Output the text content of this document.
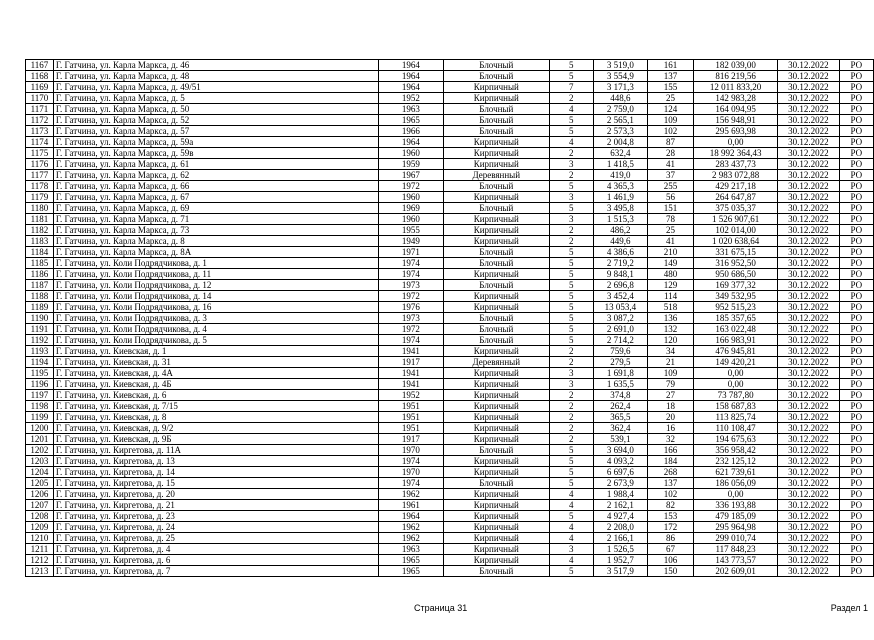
1167	Г. Гатчина, ул. Карла Маркса, д. 46	1964	Блочный	5	3 519,0	161	182 039,00	30.12.2022	РО
1168	Г. Гатчина, ул. Карла Маркса, д. 48	1964	Блочный	5	3 554,9	137	816 219,56	30.12.2022	РО
1169	Г. Гатчина, ул. Карла Маркса, д. 49/51	1964	Кирпичный	7	3 171,3	155	12 011 833,20	30.12.2022	РО
1170	Г. Гатчина, ул. Карла Маркса, д. 5	1952	Кирпичный	2	448,6	25	142 983,28	30.12.2022	РО
1171	Г. Гатчина, ул. Карла Маркса, д. 50	1963	Блочный	4	2 759,0	124	164 094,95	30.12.2022	РО
1172	Г. Гатчина, ул. Карла Маркса, д. 52	1965	Блочный	5	2 565,1	109	156 948,91	30.12.2022	РО
1173	Г. Гатчина, ул. Карла Маркса, д. 57	1966	Блочный	5	2 573,3	102	295 693,98	30.12.2022	РО
1174	Г. Гатчина, ул. Карла Маркса, д. 59а	1964	Кирпичный	4	2 004,8	87	0,00	30.12.2022	РО
1175	Г. Гатчина, ул. Карла Маркса, д. 59в	1960	Кирпичный	2	632,4	28	18 992 364,43	30.12.2022	РО
1176	Г. Гатчина, ул. Карла Маркса, д. 61	1959	Кирпичный	3	1 418,5	41	283 437,73	30.12.2022	РО
1177	Г. Гатчина, ул. Карла Маркса, д. 62	1967	Деревянный	2	419,0	37	2 983 072,88	30.12.2022	РО
1178	Г. Гатчина, ул. Карла Маркса, д. 66	1972	Блочный	5	4 365,3	255	429 217,18	30.12.2022	РО
1179	Г. Гатчина, ул. Карла Маркса, д. 67	1960	Кирпичный	3	1 461,9	56	264 647,87	30.12.2022	РО
1180	Г. Гатчина, ул. Карла Маркса, д. 69	1969	Блочный	5	3 495,8	151	375 035,37	30.12.2022	РО
1181	Г. Гатчина, ул. Карла Маркса, д. 71	1960	Кирпичный	3	1 515,3	78	1 526 907,61	30.12.2022	РО
1182	Г. Гатчина, ул. Карла Маркса, д. 73	1955	Кирпичный	2	486,2	25	102 014,00	30.12.2022	РО
1183	Г. Гатчина, ул. Карла Маркса, д. 8	1949	Кирпичный	2	449,6	41	1 020 638,64	30.12.2022	РО
1184	Г. Гатчина, ул. Карла Маркса, д. 8А	1971	Блочный	5	4 386,6	210	331 675,15	30.12.2022	РО
1185	Г. Гатчина, ул. Коли Подрядчикова, д. 1	1974	Блочный	5	2 719,2	149	316 952,50	30.12.2022	РО
1186	Г. Гатчина, ул. Коли Подрядчикова, д. 11	1974	Кирпичный	5	9 848,1	480	950 686,50	30.12.2022	РО
1187	Г. Гатчина, ул. Коли Подрядчикова, д. 12	1973	Блочный	5	2 696,8	129	169 377,32	30.12.2022	РО
1188	Г. Гатчина, ул. Коли Подрядчикова, д. 14	1972	Кирпичный	5	3 452,4	114	349 532,95	30.12.2022	РО
1189	Г. Гатчина, ул. Коли Подрядчикова, д. 16	1976	Кирпичный	5	13 053,4	518	952 515,23	30.12.2022	РО
1190	Г. Гатчина, ул. Коли Подрядчикова, д. 3	1973	Блочный	5	3 087,2	136	185 357,65	30.12.2022	РО
1191	Г. Гатчина, ул. Коли Подрядчикова, д. 4	1972	Блочный	5	2 691,0	132	163 022,48	30.12.2022	РО
1192	Г. Гатчина, ул. Коли Подрядчикова, д. 5	1974	Блочный	5	2 714,2	120	166 983,91	30.12.2022	РО
1193	Г. Гатчина, ул. Киевская, д. 1	1941	Кирпичный	2	759,6	34	476 945,81	30.12.2022	РО
1194	Г. Гатчина, ул. Киевская, д. 31	1917	Деревянный	2	279,5	21	149 420,21	30.12.2022	РО
1195	Г. Гатчина, ул. Киевская, д. 4А	1941	Кирпичный	3	1 691,8	109	0,00	30.12.2022	РО
1196	Г. Гатчина, ул. Киевская, д. 4Б	1941	Кирпичный	3	1 635,5	79	0,00	30.12.2022	РО
1197	Г. Гатчина, ул. Киевская, д. 6	1952	Кирпичный	2	374,8	27	73 787,80	30.12.2022	РО
1198	Г. Гатчина, ул. Киевская, д. 7/15	1951	Кирпичный	2	262,4	18	158 687,83	30.12.2022	РО
1199	Г. Гатчина, ул. Киевская, д. 8	1951	Кирпичный	2	365,5	20	113 825,74	30.12.2022	РО
1200	Г. Гатчина, ул. Киевская, д. 9/2	1951	Кирпичный	2	362,4	16	110 108,47	30.12.2022	РО
1201	Г. Гатчина, ул. Киевская, д. 9Б	1917	Кирпичный	2	539,1	32	194 675,63	30.12.2022	РО
1202	Г. Гатчина, ул. Киргетова, д. 11А	1970	Блочный	5	3 694,0	166	356 958,42	30.12.2022	РО
1203	Г. Гатчина, ул. Киргетова, д. 13	1974	Кирпичный	5	4 093,2	184	232 125,12	30.12.2022	РО
1204	Г. Гатчина, ул. Киргетова, д. 14	1970	Кирпичный	5	6 697,6	268	621 739,61	30.12.2022	РО
1205	Г. Гатчина, ул. Киргетова, д. 15	1974	Блочный	5	2 673,9	137	186 056,09	30.12.2022	РО
1206	Г. Гатчина, ул. Киргетова, д. 20	1962	Кирпичный	4	1 988,4	102	0,00	30.12.2022	РО
1207	Г. Гатчина, ул. Киргетова, д. 21	1961	Кирпичный	4	2 162,1	82	336 193,88	30.12.2022	РО
1208	Г. Гатчина, ул. Киргетова, д. 23	1964	Кирпичный	5	4 927,4	153	479 185,09	30.12.2022	РО
1209	Г. Гатчина, ул. Киргетова, д. 24	1962	Кирпичный	4	2 208,0	172	295 964,98	30.12.2022	РО
1210	Г. Гатчина, ул. Киргетова, д. 25	1962	Кирпичный	4	2 166,1	86	299 010,74	30.12.2022	РО
1211	Г. Гатчина, ул. Киргетова, д. 4	1963	Кирпичный	3	1 526,5	67	117 848,23	30.12.2022	РО
1212	Г. Гатчина, ул. Киргетова, д. 6	1965	Кирпичный	4	1 952,7	106	143 773,57	30.12.2022	РО
1213	Г. Гатчина, ул. Киргетова, д. 7	1965	Блочный	5	3 517,9	150	202 609,01	30.12.2022	РО
Страница 31	Раздел 1
